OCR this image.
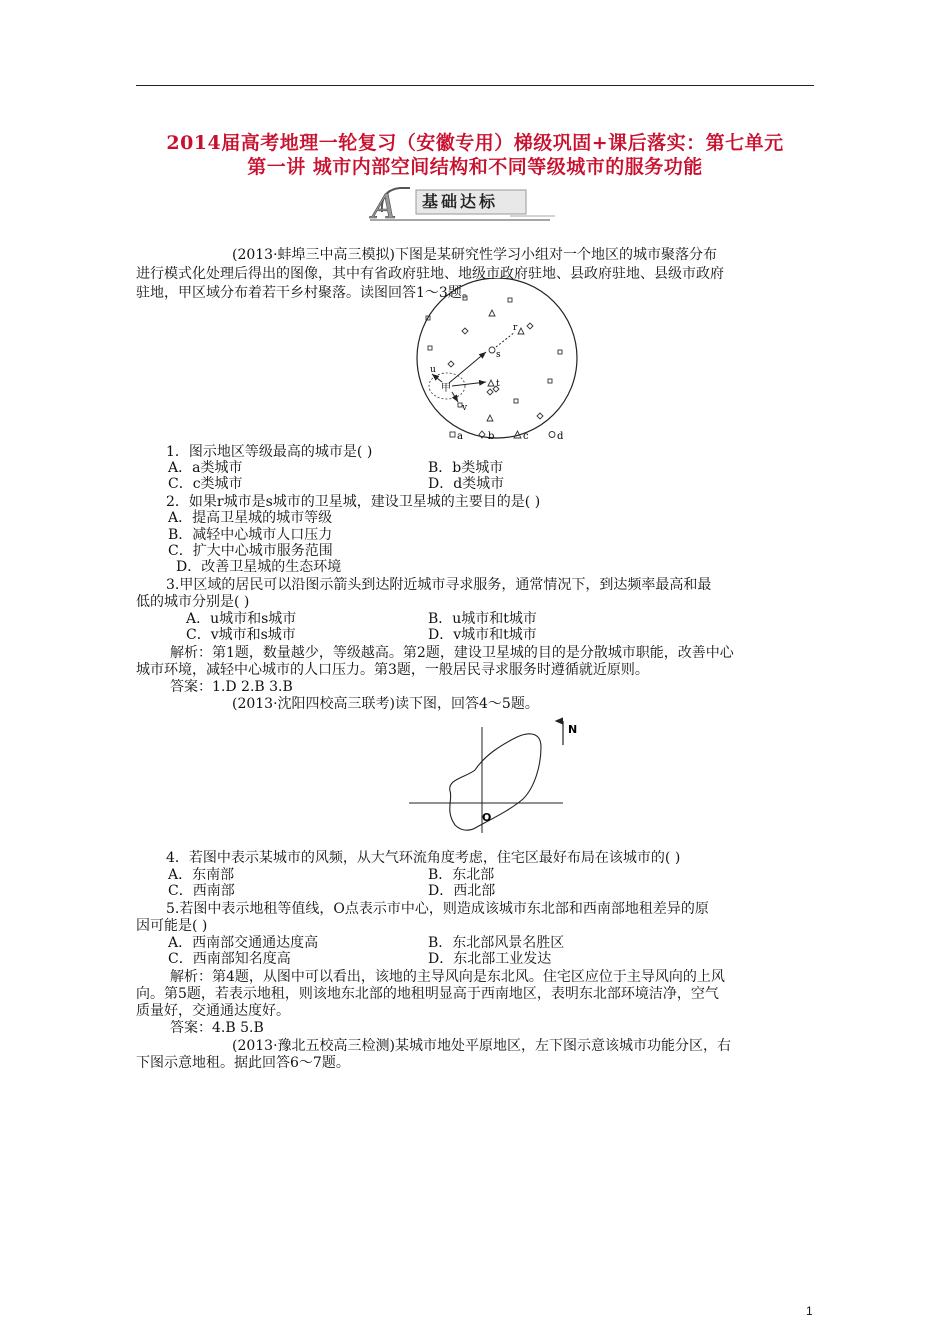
2014届高考地理一轮复习（安徽专用）梯级巩固+课后落实：第七单元
第一讲 城市内部空间结构和不同等级城市的服务功能
A 基础达标
(2013·蚌埠三中高三模拟)下图是某研究性学习小组对一个地区的城市聚落分布
进行模式化处理后得出的图像，其中有省政府驻地、地级市政府驻地、县政府驻地、县级市政府
驻地，甲区域分布着若干乡村聚落。读图回答1～3题。
甲
u
v
s
t
r
a	b	c	d
1．图示地区等级最高的城市是( )
A．a类城市	B．b类城市
C．c类城市	D．d类城市
2．如果r城市是s城市的卫星城，建设卫星城的主要目的是( )
A．提高卫星城的城市等级
B．减轻中心城市人口压力
C．扩大中心城市服务范围
D．改善卫星城的生态环境
3.甲区域的居民可以沿图示箭头到达附近城市寻求服务，通常情况下，到达频率最高和最
低的城市分别是( )
A．u城市和s城市	B．u城市和t城市
C．v城市和s城市	D．v城市和t城市
解析：第1题，数量越少，等级越高。第2题，建设卫星城的目的是分散城市职能，改善中心
城市环境，减轻中心城市的人口压力。第3题，一般居民寻求服务时遵循就近原则。
答案：1.D 2.B 3.B
(2013·沈阳四校高三联考)读下图，回答4～5题。
N
O
4．若图中表示某城市的风频，从大气环流角度考虑，住宅区最好布局在该城市的( )
A．东南部	B．东北部
C．西南部	D．西北部
5.若图中表示地租等值线，O点表示市中心，则造成该城市东北部和西南部地租差异的原
因可能是( )
A．西南部交通通达度高	B．东北部风景名胜区
C．西南部知名度高	D．东北部工业发达
解析：第4题，从图中可以看出，该地的主导风向是东北风。住宅区应位于主导风向的上风
向。第5题，若表示地租，则该地东北部的地租明显高于西南地区，表明东北部环境洁净，空气
质量好，交通通达度好。
答案：4.B 5.B
(2013·豫北五校高三检测)某城市地处平原地区，左下图示意该城市功能分区，右
下图示意地租。据此回答6～7题。
1
